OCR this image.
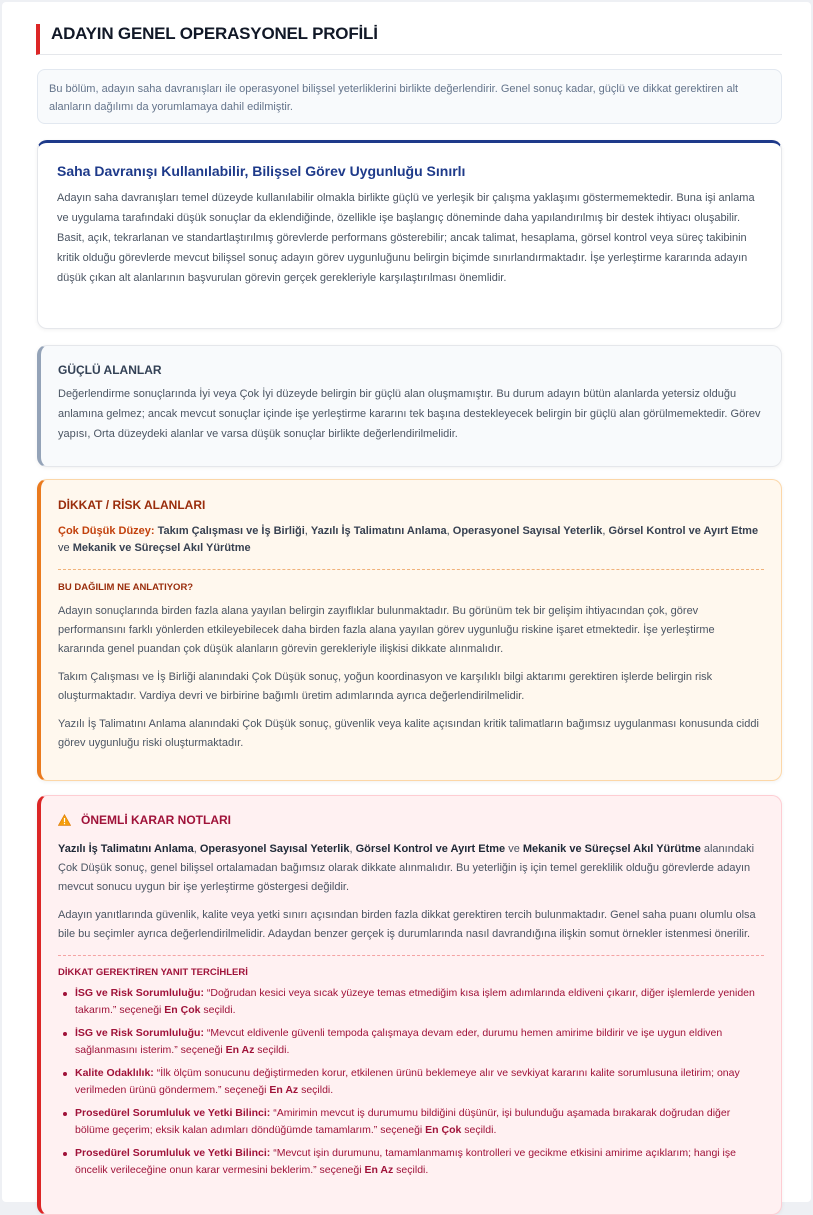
ADAYIN GENEL OPERASYONEL PROFİLİ
Bu bölüm, adayın saha davranışları ile operasyonel bilişsel yeterliklerini birlikte değerlendirir. Genel sonuç kadar, güçlü ve dikkat gerektiren alt alanların dağılımı da yorumlamaya dahil edilmiştir.
Saha Davranışı Kullanılabilir, Bilişsel Görev Uygunluğu Sınırlı

Adayın saha davranışları temel düzeyde kullanılabilir olmakla birlikte güçlü ve yerleşik bir çalışma yaklaşımı göstermemektedir. Buna işi anlama ve uygulama tarafındaki düşük sonuçlar da eklendiğinde, özellikle işe başlangıç döneminde daha yapılandırılmış bir destek ihtiyacı oluşabilir. Basit, açık, tekrarlanan ve standartlaştırılmış görevlerde performans gösterebilir; ancak talimat, hesaplama, görsel kontrol veya süreç takibinin kritik olduğu görevlerde mevcut bilişsel sonuç adayın görev uygunluğunu belirgin biçimde sınırlandırmaktadır. İşe yerleştirme kararında adayın düşük çıkan alt alanlarının başvurulan görevin gerçek gerekleriyle karşılaştırılması önemlidir.

GÜÇLÜ ALANLAR

Değerlendirme sonuçlarında İyi veya Çok İyi düzeyde belirgin bir güçlü alan oluşmamıştır. Bu durum adayın bütün alanlarda yetersiz olduğu anlamına gelmez; ancak mevcut sonuçlar içinde işe yerleştirme kararını tek başına destekleyecek belirgin bir güçlü alan görülmemektedir. Görev yapısı, Orta düzeydeki alanlar ve varsa düşük sonuçlar birlikte değerlendirilmelidir.

DİKKAT / RİSK ALANLARI
Çok Düşük Düzey: Takım Çalışması ve İş Birliği, Yazılı İş Talimatını Anlama, Operasyonel Sayısal Yeterlik, Görsel Kontrol ve Ayırt Etme ve Mekanik ve Süreçsel Akıl Yürütme
BU DAĞILIM NE ANLATIYOR?

Adayın sonuçlarında birden fazla alana yayılan belirgin zayıflıklar bulunmaktadır. Bu görünüm tek bir gelişim ihtiyacından çok, görev performansını farklı yönlerden etkileyebilecek daha birden fazla alana yayılan görev uygunluğu riskine işaret etmektedir. İşe yerleştirme kararında genel puandan çok düşük alanların görevin gerekleriyle ilişkisi dikkate alınmalıdır.

Takım Çalışması ve İş Birliği alanındaki Çok Düşük sonuç, yoğun koordinasyon ve karşılıklı bilgi aktarımı gerektiren işlerde belirgin risk oluşturmaktadır. Vardiya devri ve birbirine bağımlı üretim adımlarında ayrıca değerlendirilmelidir.

Yazılı İş Talimatını Anlama alanındaki Çok Düşük sonuç, güvenlik veya kalite açısından kritik talimatların bağımsız uygulanması konusunda ciddi görev uygunluğu riski oluşturmaktadır.

ÖNEMLİ KARAR NOTLARI

Yazılı İş Talimatını Anlama, Operasyonel Sayısal Yeterlik, Görsel Kontrol ve Ayırt Etme ve Mekanik ve Süreçsel Akıl Yürütme alanındaki Çok Düşük sonuç, genel bilişsel ortalamadan bağımsız olarak dikkate alınmalıdır. Bu yeterliğin iş için temel gereklilik olduğu görevlerde adayın mevcut sonucu uygun bir işe yerleştirme göstergesi değildir.

Adayın yanıtlarında güvenlik, kalite veya yetki sınırı açısından birden fazla dikkat gerektiren tercih bulunmaktadır. Genel saha puanı olumlu olsa bile bu seçimler ayrıca değerlendirilmelidir. Adaydan benzer gerçek iş durumlarında nasıl davrandığına ilişkin somut örnekler istenmesi önerilir.

DİKKAT GEREKTİREN YANIT TERCİHLERİ
İSG ve Risk Sorumluluğu: “Doğrudan kesici veya sıcak yüzeye temas etmediğim kısa işlem adımlarında eldiveni çıkarır, diğer işlemlerde yeniden takarım.” seçeneği En Çok seçildi.
İSG ve Risk Sorumluluğu: “Mevcut eldivenle güvenli tempoda çalışmaya devam eder, durumu hemen amirime bildirir ve işe uygun eldiven sağlanmasını isterim.” seçeneği En Az seçildi.
Kalite Odaklılık: “İlk ölçüm sonucunu değiştirmeden korur, etkilenen ürünü beklemeye alır ve sevkiyat kararını kalite sorumlusuna iletirim; onay verilmeden ürünü göndermem.” seçeneği En Az seçildi.
Prosedürel Sorumluluk ve Yetki Bilinci: “Amirimin mevcut iş durumumu bildiğini düşünür, işi bulunduğu aşamada bırakarak doğrudan diğer bölüme geçerim; eksik kalan adımları döndüğümde tamamlarım.” seçeneği En Çok seçildi.
Prosedürel Sorumluluk ve Yetki Bilinci: “Mevcut işin durumunu, tamamlanmamış kontrolleri ve gecikme etkisini amirime açıklarım; hangi işe öncelik verileceğine onun karar vermesini beklerim.” seçeneği En Az seçildi.
